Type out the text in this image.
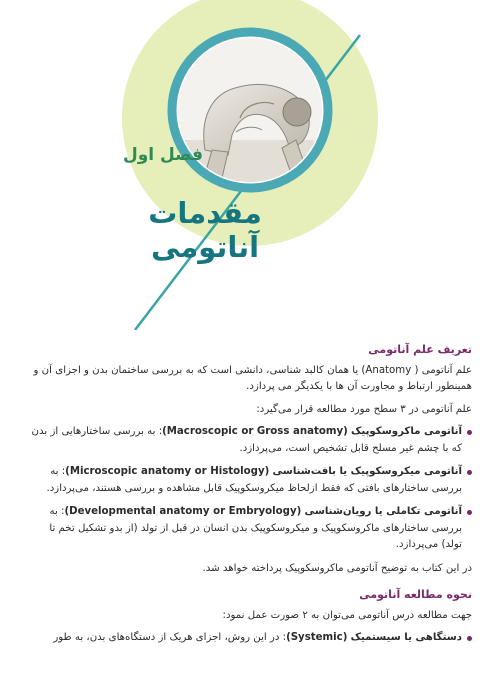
فصل اول
مقدمات آناتومی
تعریف علم آناتومی

علم آناتومی ( Anatomy) یا همان کالبد شناسی، دانشی است که به بررسی ساختمان بدن و اجزای آن و همینطور ارتباط و مجاورت آن ها با یکدیگر می پردازد.

علم آناتومی در ۳ سطح مورد مطالعه قرار می‌گیرد:

آناتومی ماکروسکوپیک (Macroscopic or Gross anatomy): به بررسی ساختارهایی از بدن که با چشم غیر مسلح قابل تشخیص است، می‌پردازد.
آناتومی میکروسکوپیک یا بافت‌شناسی (Microscopic anatomy or Histology): به بررسی ساختارهای بافتی که فقط ازلحاظ میکروسکوپیک قابل مشاهده و بررسی هستند، می‌پردازد.
آناتومی تکاملی یا رویان‌شناسی (Developmental anatomy or Embryology): به بررسی ساختارهای ماکروسکوپیک و میکروسکوپیک بدن انسان در قبل از تولد (از بدو تشکیل تخم تا تولد) می‌پردازد.

در این کتاب به توضیح آناتومی ماکروسکوپیک پرداخته خواهد شد.

نحوه مطالعه آناتومی

جهت مطالعه درس آناتومی می‌توان به ۲ صورت عمل نمود:

دستگاهی یا سیستمیک (Systemic): در این روش، اجزای هریک از دستگاه‌های بدن، به طور
